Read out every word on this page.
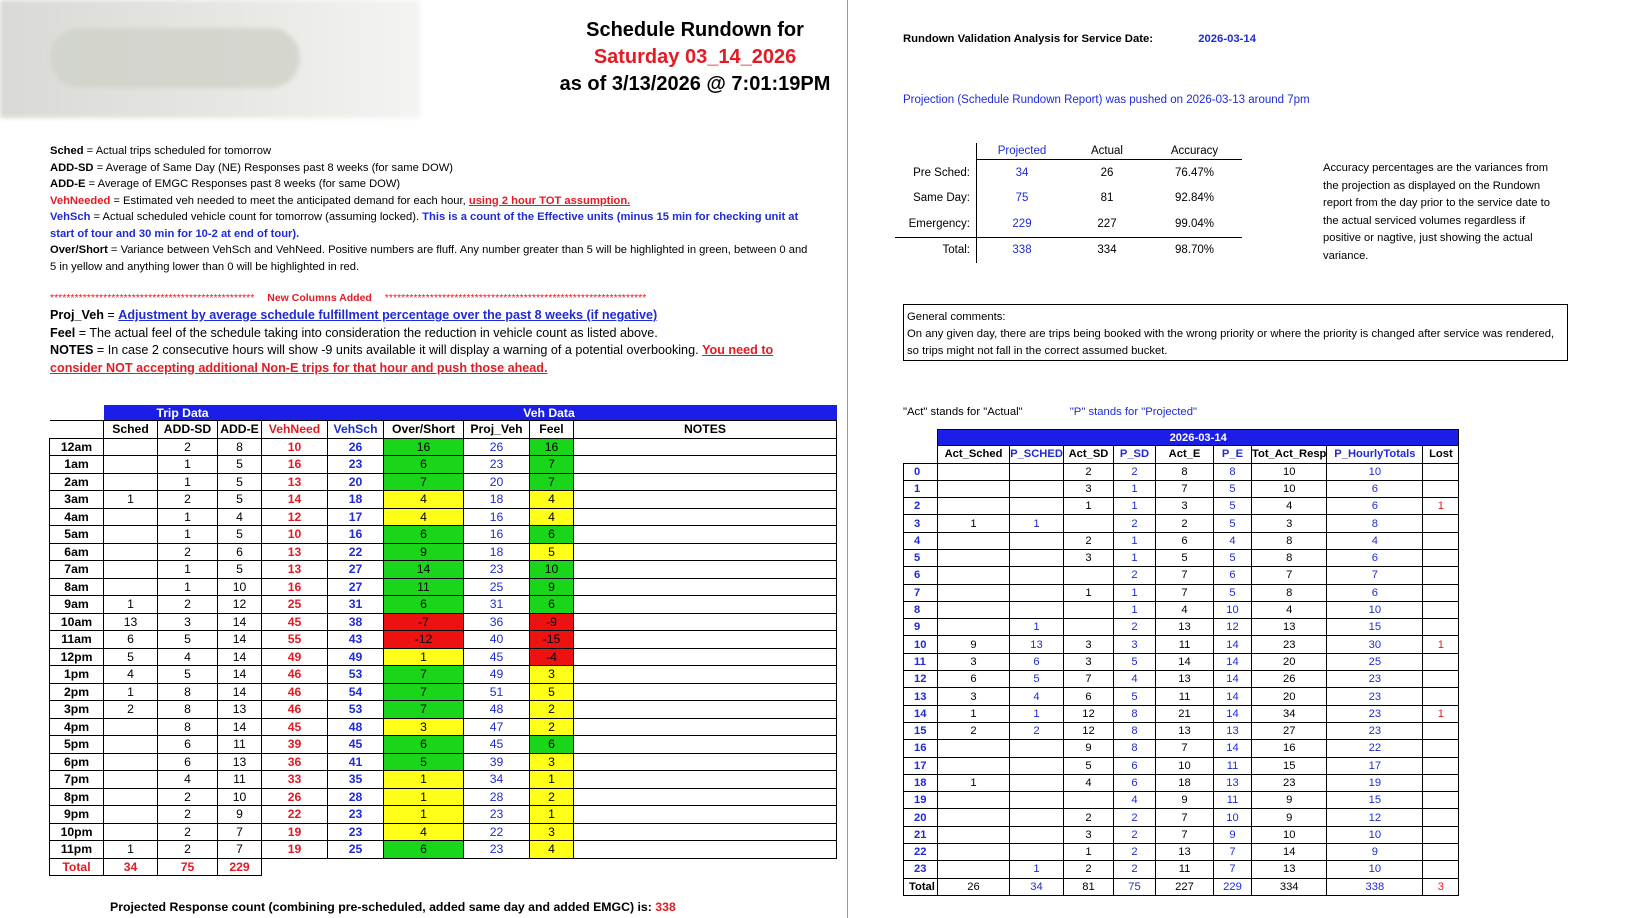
Schedule Rundown for
Saturday 03_14_2026
as of 3/13/2026 @ 7:01:19PM
Sched = Actual trips scheduled for tomorrow
ADD-SD = Average of Same Day (NE) Responses past 8 weeks (for same DOW)
ADD-E = Average of EMGC Responses past 8 weeks (for same DOW)
VehNeeded = Estimated veh needed to meet the anticipated demand for each hour, using 2 hour TOT assumption.
VehSch = Actual scheduled vehicle count for tomorrow (assuming locked). This is a count of the Effective units (minus 15 min for checking unit at start of tour and 30 min for 10-2 at end of tour).
Over/Short = Variance between VehSch and VehNeed. Positive numbers are fluff. Any number greater than 5 will be highlighted in green, between 0 and 5 in yellow and anything lower than 0 will be highlighted in red.
************************************************** New Columns Added ****************************************************************
Proj_Veh = Adjustment by average schedule fulfillment percentage over the past 8 weeks (if negative)
Feel = The actual feel of the schedule taking into consideration the reduction in vehicle count as listed above.
NOTES = In case 2 consecutive hours will show -9 units available it will display a warning of a potential overbooking. You need to consider NOT accepting additional Non-E trips for that hour and push those ahead.
	Trip Data			Veh Data					
	Sched	ADD-SD	ADD-E	VehNeed	VehSch	Over/Short	Proj_Veh	Feel	NOTES
12am		2	8	10	26	16	26	16	
1am		1	5	16	23	6	23	7	
2am		1	5	13	20	7	20	7	
3am	1	2	5	14	18	4	18	4	
4am		1	4	12	17	4	16	4	
5am		1	5	10	16	6	16	6	
6am		2	6	13	22	9	18	5	
7am		1	5	13	27	14	23	10	
8am		1	10	16	27	11	25	9	
9am	1	2	12	25	31	6	31	6	
10am	13	3	14	45	38	-7	36	-9	
11am	6	5	14	55	43	-12	40	-15	
12pm	5	4	14	49	49	1	45	-4	
1pm	4	5	14	46	53	7	49	3	
2pm	1	8	14	46	54	7	51	5	
3pm	2	8	13	46	53	7	48	2	
4pm		8	14	45	48	3	47	2	
5pm		6	11	39	45	6	45	6	
6pm		6	13	36	41	5	39	3	
7pm		4	11	33	35	1	34	1	
8pm		2	10	26	28	1	28	2	
9pm		2	9	22	23	1	23	1	
10pm		2	7	19	23	4	22	3	
11pm	1	2	7	19	25	6	23	4	
Total	34	75	229						
Projected Response count (combining pre-scheduled, added same day and added EMGC) is: 338
Rundown Validation Analysis for Service Date:	2026-03-14
Projection (Schedule Rundown Report) was pushed on 2026-03-13 around 7pm
	Projected	Actual	Accuracy
Pre Sched:	34	26	76.47%
Same Day:	75	81	92.84%
Emergency:	229	227	99.04%
Total:	338	334	98.70%
Accuracy percentages are the variances from the projection as displayed on the Rundown report from the day prior to the service date to the actual serviced volumes regardless if positive or nagtive, just showing the actual variance.
General comments:
On any given day, there are trips being booked with the wrong priority or where the priority is changed after service was rendered, so trips might not fall in the correct assumed bucket.
"Act" stands for "Actual"	"P" stands for "Projected"
	2026-03-14								
	Act_Sched	P_SCHED	Act_SD	P_SD	Act_E	P_E	Tot_Act_Resp	P_HourlyTotals	Lost
0			2	2	8	8	10	10	
1			3	1	7	5	10	6	
2			1	1	3	5	4	6	1
3	1	1		2	2	5	3	8	
4			2	1	6	4	8	4	
5			3	1	5	5	8	6	
6				2	7	6	7	7	
7			1	1	7	5	8	6	
8				1	4	10	4	10	
9		1		2	13	12	13	15	
10	9	13	3	3	11	14	23	30	1
11	3	6	3	5	14	14	20	25	
12	6	5	7	4	13	14	26	23	
13	3	4	6	5	11	14	20	23	
14	1	1	12	8	21	14	34	23	1
15	2	2	12	8	13	13	27	23	
16			9	8	7	14	16	22	
17			5	6	10	11	15	17	
18	1		4	6	18	13	23	19	
19				4	9	11	9	15	
20			2	2	7	10	9	12	
21			3	2	7	9	10	10	
22			1	2	13	7	14	9	
23		1	2	2	11	7	13	10	
Total	26	34	81	75	227	229	334	338	3
